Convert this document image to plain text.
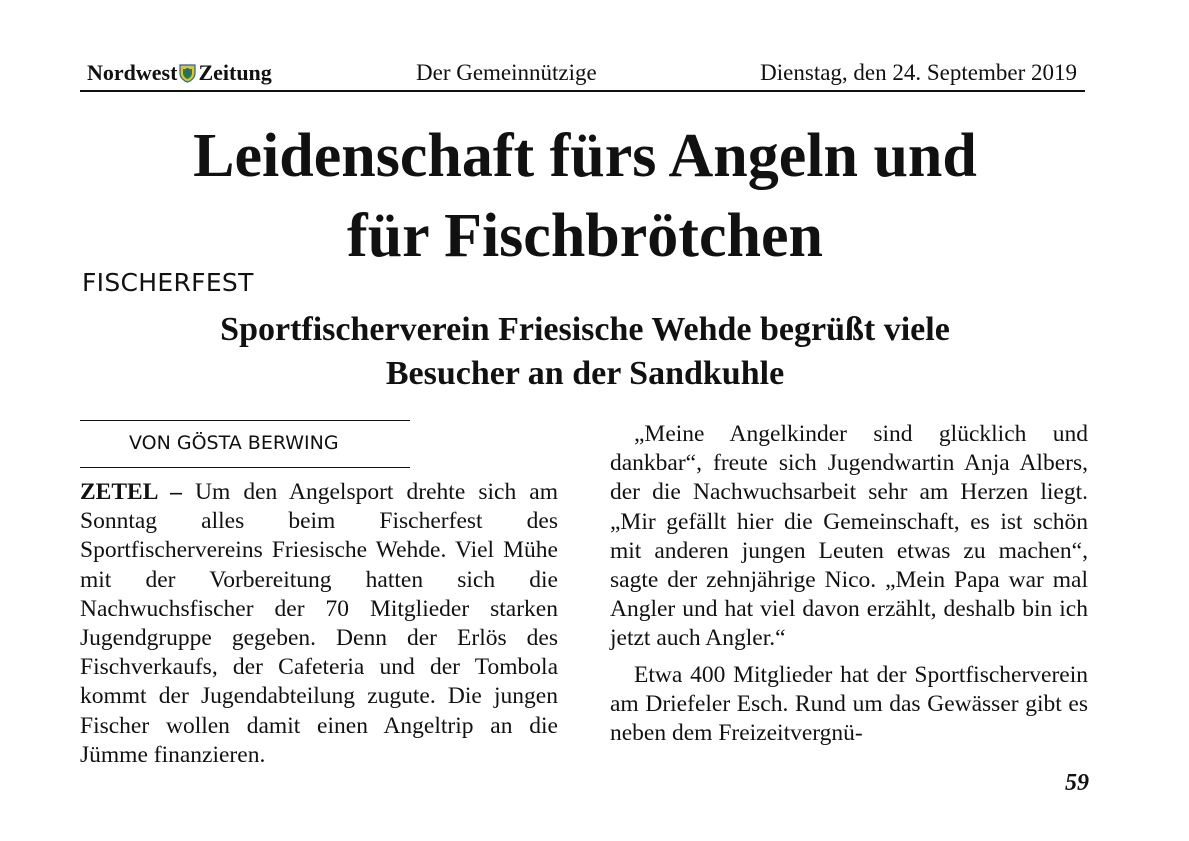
Nordwest Zeitung	Der Gemeinnützige	Dienstag, den 24. September 2019
Leidenschaft fürs Angeln und
für Fischbrötchen
FISCHERFEST
Sportfischerverein Friesische Wehde begrüßt viele
Besucher an der Sandkuhle
VON GÖSTA BERWING

ZETEL – Um den Angelsport drehte sich am Sonntag alles beim Fischerfest des Sportfischervereins Friesische Wehde. Viel Mühe mit der Vorbereitung hatten sich die Nachwuchsfischer der 70 Mitglieder starken Jugendgruppe gegeben. Denn der Erlös des Fischverkaufs, der Cafeteria und der Tombola kommt der Jugendabteilung zugute. Die jungen Fischer wollen damit einen Angeltrip an die Jümme finanzieren.

„Meine Angelkinder sind glücklich und dankbar“, freute sich Jugendwartin Anja Albers, der die Nachwuchsarbeit sehr am Herzen liegt. „Mir gefällt hier die Gemeinschaft, es ist schön mit anderen jungen Leuten etwas zu machen“, sagte der zehnjährige Nico. „Mein Papa war mal Angler und hat viel davon erzählt, deshalb bin ich jetzt auch Angler.“

Etwa 400 Mitglieder hat der Sportfischerverein am Driefeler Esch. Rund um das Gewässer gibt es neben dem Freizeitvergnü-

59
